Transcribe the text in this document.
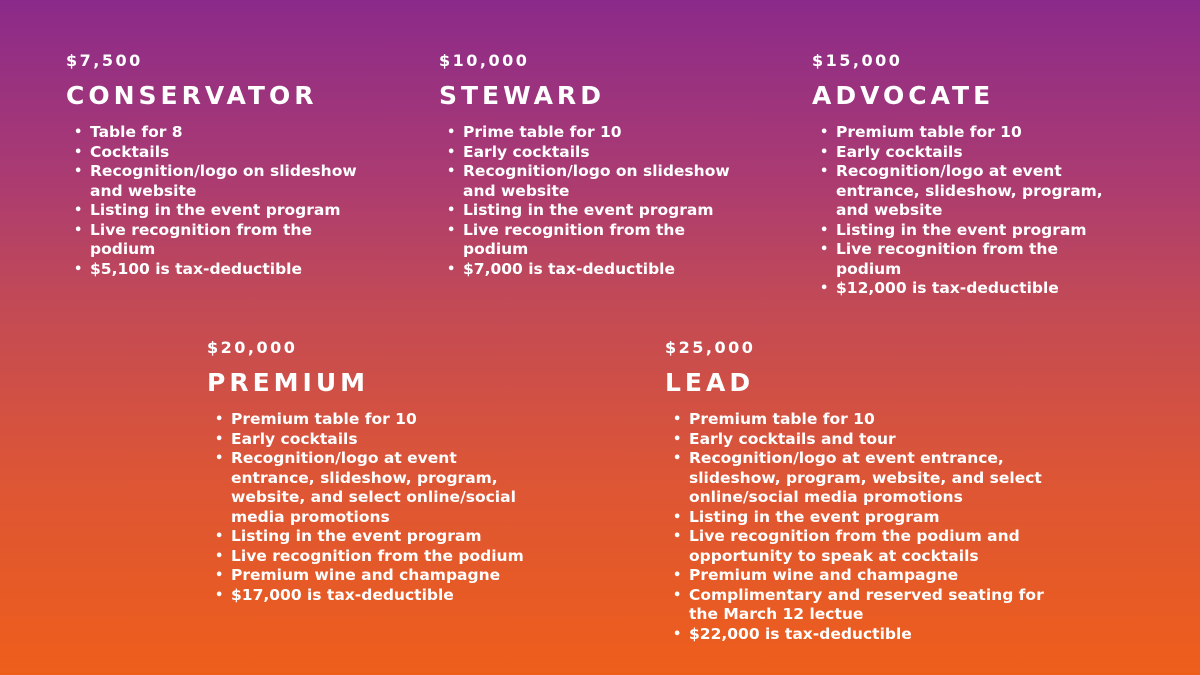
$7,500

CONSERVATOR
• Table for 8
• Cocktails
• Recognition/logo on slideshow and website
• Listing in the event program
• Live recognition from the podium
• $5,100 is tax-deductible

$10,000

STEWARD
• Prime table for 10
• Early cocktails
• Recognition/logo on slideshow and website
• Listing in the event program
• Live recognition from the podium
• $7,000 is tax-deductible

$15,000

ADVOCATE
• Premium table for 10
• Early cocktails
• Recognition/logo at event entrance, slideshow, program, and website
• Listing in the event program
• Live recognition from the podium
• $12,000 is tax-deductible

$20,000

PREMIUM
• Premium table for 10
• Early cocktails
• Recognition/logo at event entrance, slideshow, program, website, and select online/social media promotions
• Listing in the event program
• Live recognition from the podium
• Premium wine and champagne
• $17,000 is tax-deductible

$25,000

LEAD
• Premium table for 10
• Early cocktails and tour
• Recognition/logo at event entrance, slideshow, program, website, and select online/social media promotions
• Listing in the event program
• Live recognition from the podium and opportunity to speak at cocktails
• Premium wine and champagne
• Complimentary and reserved seating for the March 12 lectue
• $22,000 is tax-deductible
